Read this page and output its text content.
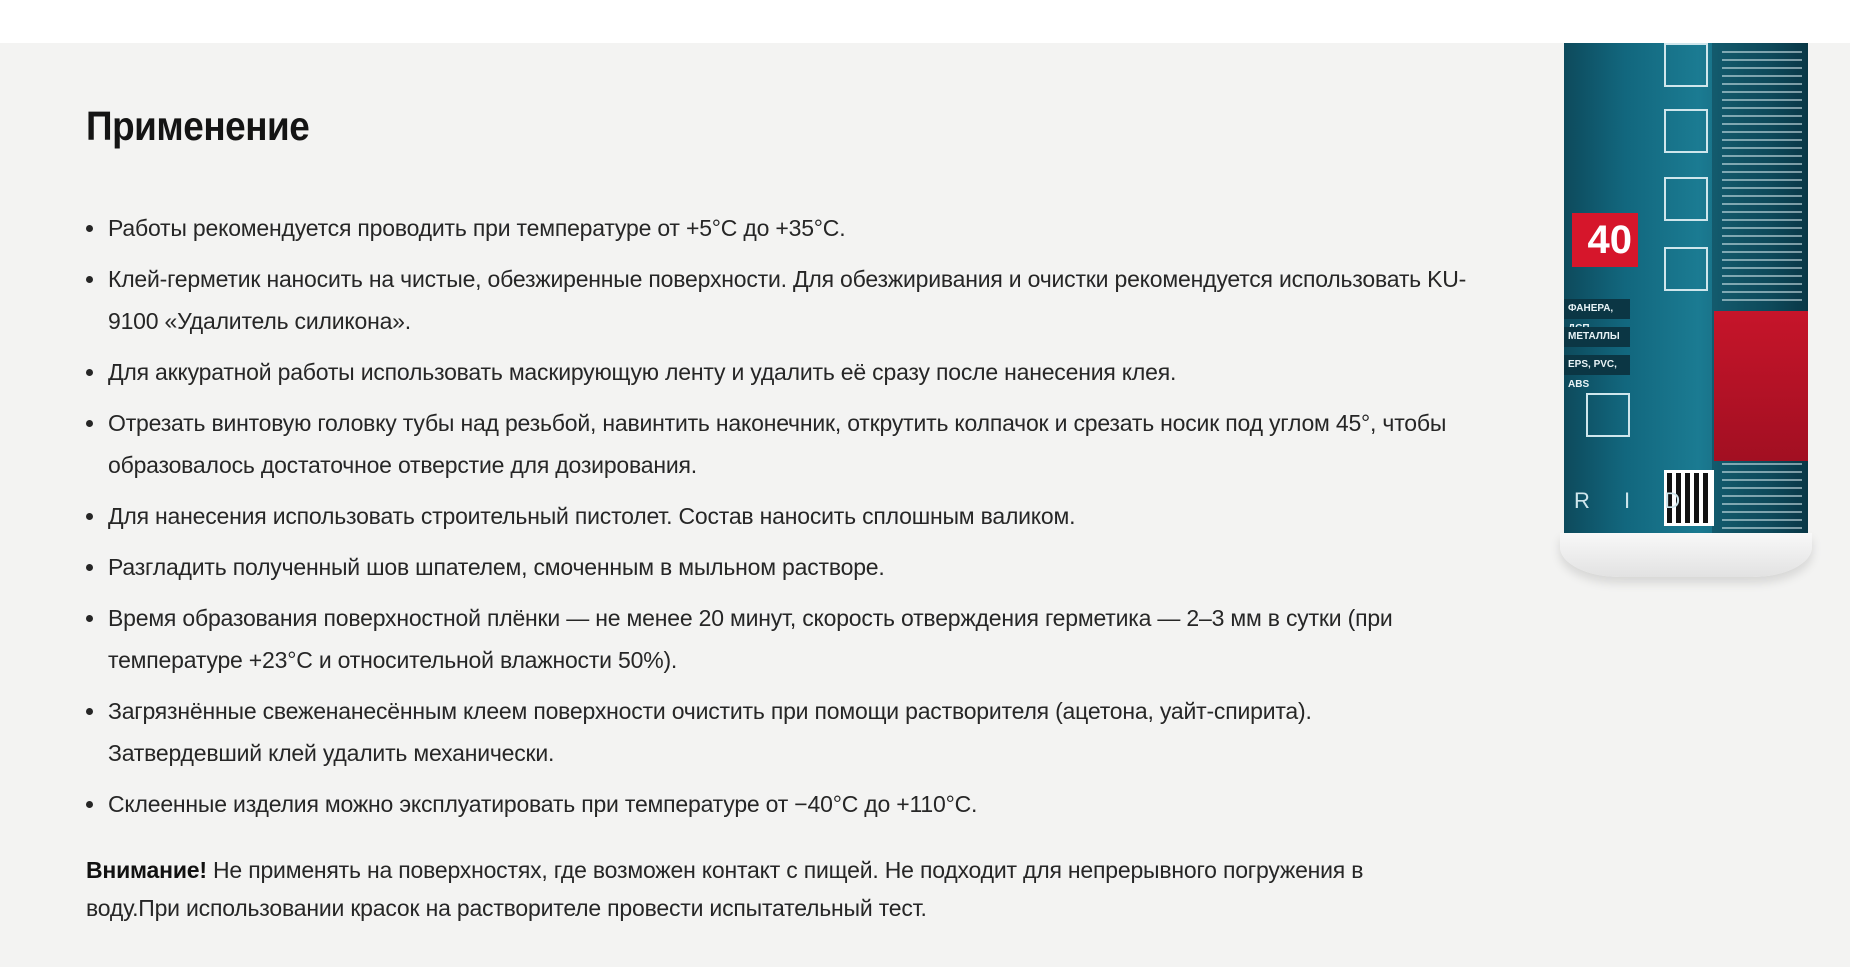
Применение
Работы рекомендуется проводить при температуре от +5°C до +35°C.
Клей-герметик наносить на чистые, обезжиренные поверхности. Для обезжиривания и очистки рекомендуется использовать KU-9100 «Удалитель силикона».
Для аккуратной работы использовать маскирующую ленту и удалить её сразу после нанесения клея.
Отрезать винтовую головку тубы над резьбой, навинтить наконечник, открутить колпачок и срезать носик под углом 45°, чтобы образовалось достаточное отверстие для дозирования.
Для нанесения использовать строительный пистолет. Состав наносить сплошным валиком.
Разгладить полученный шов шпателем, смоченным в мыльном растворе.
Время образования поверхностной плёнки — не менее 20 минут, скорость отверждения герметика — 2–3 мм в сутки (при температуре +23°C и относительной влажности 50%).
Загрязнённые свеженанесённым клеем поверхности очистить при помощи растворителя (ацетона, уайт-спирита). Затвердевший клей удалить механически.
Склеенные изделия можно эксплуатировать при температуре от −40°C до +110°C.

Внимание! Не применять на поверхностях, где возможен контакт с пищей. Не подходит для непрерывного погружения в воду.При использовании красок на растворителе провести испытательный тест.

40
ФАНЕРА,
МЕТАЛЛЫ
EPS, PVC, ABS
R I D
